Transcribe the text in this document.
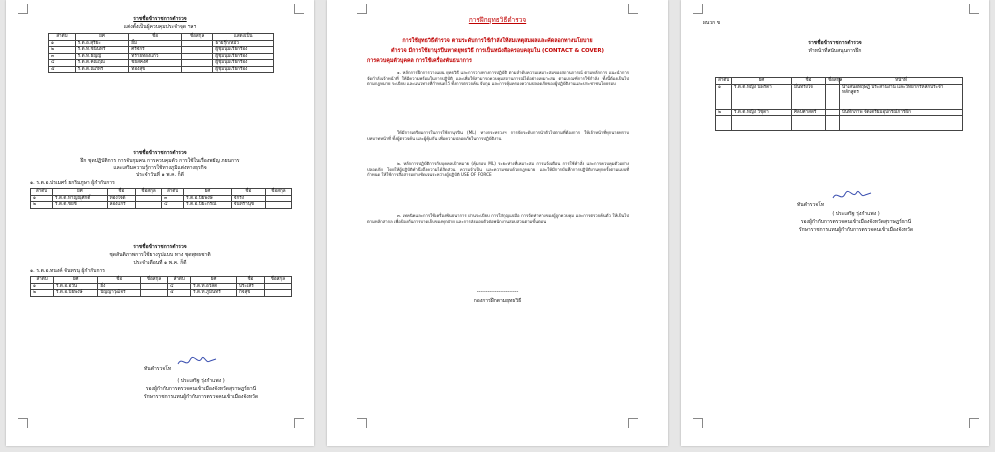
ราชชื่อข้าราชการตำรวจ
แต่งตั้งเป็นผู้ควบคุมประจำจุด ฯลฯ
ลำดับ	ยศ	ชื่อ	ชื่อสกุล	แสดงเป็น
๑	ร.ต.อ.สุริยะ	ยิ้ม		ธายรุ๊ก/หมัว
๒	ร.ต.ท.ชนินทร์	ศรีจักร		ผู้ชุมนุมเรียกร้อง
๓	ร.ต.ท.ธัญญ์	ทรายทองแก้ว		ผู้ชุมนุมเรียกร้อง
๔	ร.ต.ต.คณฤณ	ชยสคงศ์		ผู้ชุมนุมเรียกร้อง
๕	ร.ต.ต.ณภัทร	ทองสุข		ผู้ชุมนุมเรียกร้อง
ราชชื่อข้าราชการตำรวจ
ฝึก ชุดปฏิบัติการ การจับกุมคน การควบคุมตัว การใช้ในเรื่องพยัญ ภยนการ
และเสริมความรู้การใช้ทางภูมิแต่งทางธุรกิจ
ประจำวันที่ ๑ พ.ค. ก็ดี
๑. ร.ต.อ.ปรเมศร์ ยกริมภูษา ผู้กำกับการ
ลำดับ	ยศ	ชื่อ	ชื่อสกุล	ลำดับ	ยศ	ชื่อ	ชื่อสกุล
๑	ร.ต.ต.หาญณุศักดิ์	ทองใจดี		๓	ร.ต.อ.ปิยพงษ์	จักรง	
๒	ร.ต.ต.ชยชี	ลองแกร		๔	ร.ต.อ.ปิยะกรณ์	จันทรานุช	
ราชชื่อข้าราชการตำรวจ
ชุดสันติภาพการใช้ยางรูปแบบ ทาง ชุดพุทธชาติ
ประจำเดือนที่ ๑ พ.ค. ก็ดี
๑. ร.ต.อ.ทนงค์ จันทรนุ ผู้กำกับการ
ลำดับ	ยศ	ชื่อ	ชื่อสกุล	ลำดับ	ยศ	ชื่อ	ชื่อสกุล
๑	ร.ต.อ.อวัน	ยิ่ง		๔	ร.ต.ท.อวัลิต	ประเสิร	
๒	ร.ต.อ.ปิยพงษ์	ปัญญาวุฒิจร		๕	ร.ต.ท.ภูมินทร์	กิจสุข	
ทันตำรวจโท
( ประเสริฐ รุ่งกำแพง )
รองผู้กำกับการตรวจคนเข้าเมืองจังหวัดสุราษฎร์ธานี
รักษาราชการแทนผู้กำกับการตรวจคนเข้าเมืองจังหวัด
การฝึกยุทธวิธีตำรวจ
การใช้ยุทธวิธีตำรวจ ตามระดับการใช้กำลังให้สมเหตุสมผลและคัดลอกทางนโยบาย
ตำรวจ มีการใช้ยานุรปืนทาดยุทธวิธี การเป็นหนังสือครอบคลุมใน (CONTACT & COVER)
การควบคุมตัวบุคคล การใช้เครื่องพันธนาการ
๑. หลักการฝึกการวางแผน ยุทธวิธี และการวางทางการปฏิบัติ ตามลำดับความเหมาะสมของสถานการณ์ ตามหลักการ แนะนำการจัดกำลังเจ้าหน้าที่ ให้มีความพร้อมในการปฏิบัติ และเพื่อให้สามารถควบคุมสถานการณ์ได้อย่างเหมาะสม ตามเกณฑ์การใช้กำลัง ทั้งนี้ต้องเป็นไปตามกฎหมาย ระเบียบ และแนวทางที่กำหนดไว้ ทั้งการตรวจค้น จับกุม และการคุ้มครองความปลอดภัยของผู้ปฏิบัติงานและประชาชนโดยรอบ
ให้มีการเตรียมการในการใช้ยานุรปืน (ML) ทางกระทรวงฯ การจัดระดับการนำตัวไปตามที่ต้องการ ให้เจ้าหน้าที่ทุกนายทราบบทบาทหน้าที่ ทั้งผู้ตรวจค้น และผู้คุ้มกัน เพื่อความปลอดภัยในการปฏิบัติงาน
๒. หลักการปฏิบัติการกับบุคคลเป้าหมาย (คุ้มรอบ ML) ระยะห่างที่เหมาะสม การแจ้งเตือน การใช้คำสั่ง และการควบคุมตัวอย่างปลอดภัย โดยให้ผู้ปฏิบัติคำนึงถึงความได้สัดส่วน ความจำเป็น และความชอบด้วยกฎหมาย และให้มีการบันทึกการปฏิบัติงานทุกครั้งตามแบบที่กำหนด ให้ใช้การสื่อสารอย่างชัดเจนระหว่างผู้ปฏิบัติ USE OF FORCE
๓. เทคนิคและการใช้เครื่องพันธนาการ ผ่านระเบียบ การใส่กุญแจมือ การจัดท่าทางของผู้ถูกควบคุม และการตรวจค้นตัว ให้เป็นไปตามหลักสากล เพื่อป้องกันการบาดเจ็บของทุกฝ่าย และการส่งมอบตัวต่อพนักงานสอบสวนตามขั้นตอน
-----------------------
กองการฝึกตามยุทธวิธี
ผนวก ข
ราชชื่อข้าราชการตำรวจ
ทำหน้าที่สนับสนุนการฝึก
ลำดับ	ยศ	ชื่อ	ชื่อสกุล	หน้าที่
๑	ร.ต.ต.หญิง นพรดา	มั่นทรงใจ		นำเสนอทฤษฎี ประสานงาน และวิทยากรหลักประจำหลักสูตร
๒	ร.ต.ต.หญิง วิชุดา	ศิลปศาสตร์		บันทึกภาพ จัดเตรียมอุปกรณ์การฝึก

ทันตำรวจโท
( ประเสริฐ รุ่งกำแพง )
รองผู้กำกับการตรวจคนเข้าเมืองจังหวัดสุราษฎร์ธานี
รักษาราชการแทนผู้กำกับการตรวจคนเข้าเมืองจังหวัด
